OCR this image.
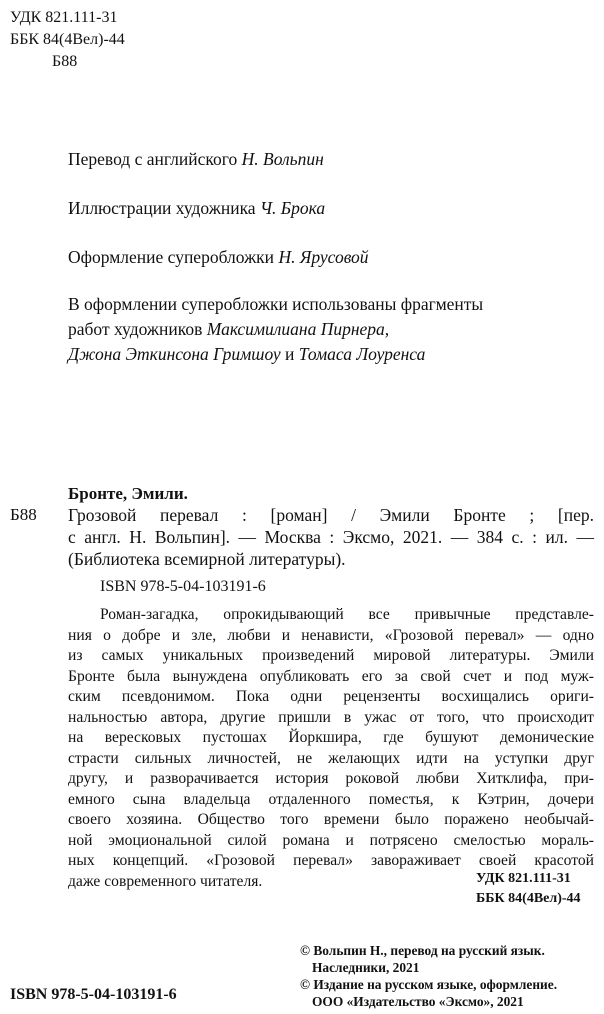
УДК 821.111-31
ББК 84(4Вел)-44
Б88
Перевод с английского Н. Вольпин
Иллюстрации художника Ч. Брока
Оформление суперобложки Н. Ярусовой
В оформлении суперобложки использованы фрагменты
работ художников Максимилиана Пирнера,
Джона Эткинсона Гримшоу и Томаса Лоуренса
Бронте, Эмили.
Б88 Грозовой перевал : [роман] / Эмили Бронте ; [пер.
с англ. Н. Вольпин]. — Москва : Эксмо, 2021. — 384 с. : ил. —
(Библиотека всемирной литературы).
ISBN 978-5-04-103191-6
Роман-загадка, опрокидывающий все привычные представле-
ния о добре и зле, любви и ненависти, «Грозовой перевал» — одно
из самых уникальных произведений мировой литературы. Эмили
Бронте была вынуждена опубликовать его за свой счет и под муж-
ским псевдонимом. Пока одни рецензенты восхищались ориги-
нальностью автора, другие пришли в ужас от того, что происходит
на вересковых пустошах Йоркшира, где бушуют демонические
страсти сильных личностей, не желающих идти на уступки друг
другу, и разворачивается история роковой любви Хитклифа, при-
емного сына владельца отдаленного поместья, к Кэтрин, дочери
своего хозяина. Общество того времени было поражено необычай-
ной эмоциональной силой романа и потрясено смелостью мораль-
ных концепций. «Грозовой перевал» завораживает своей красотой
даже современного читателя.	УДК 821.111-31
ББК 84(4Вел)-44
© Вольпин Н., перевод на русский язык.
Наследники, 2021
© Издание на русском языке, оформление.
ООО «Издательство «Эксмо», 2021
ISBN 978-5-04-103191-6
